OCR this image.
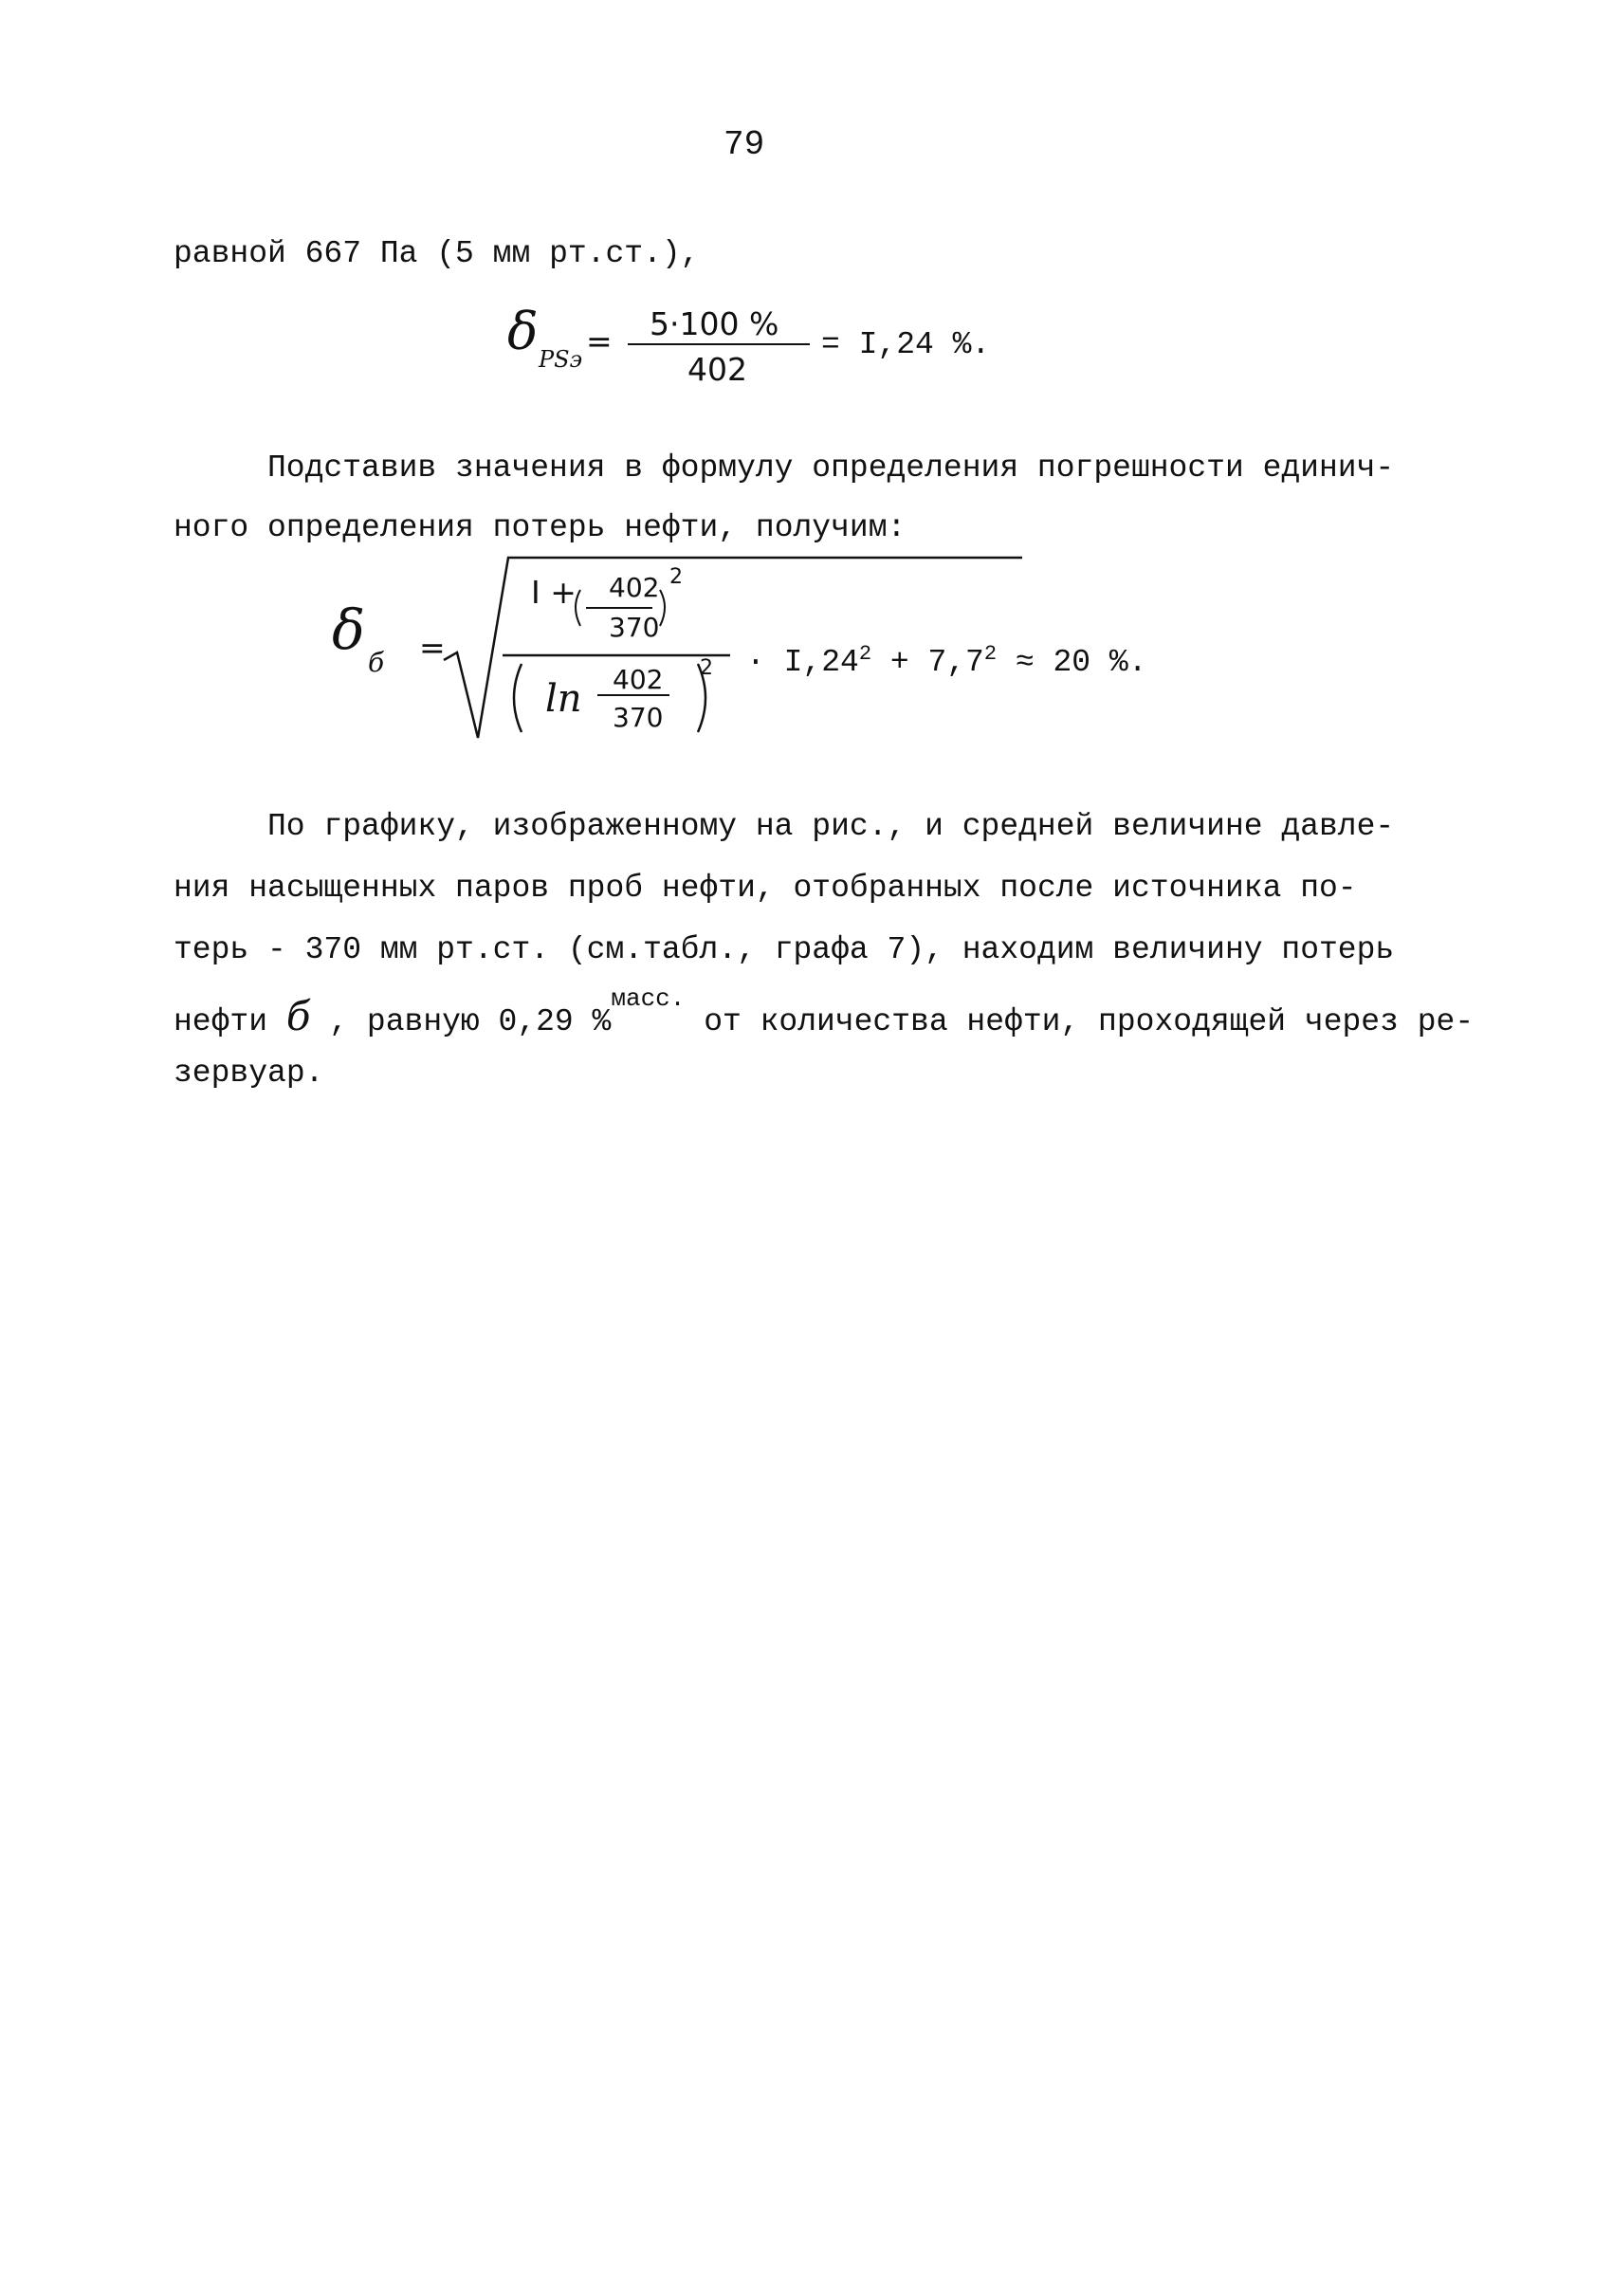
79
равной 667 Па (5 мм рт.ст.),
δ PSэ = 5·100 %
402
= I,24 %.
Подставив значения в формулу определения погрешности единич-
ного определения потерь нефти, получим:
δ
б =
I + 402
370
2
ln 402
370
$2 \cdot I,24^2 + 7,7^2 \approx 20$ %.
По графику, изображенному на рис., и средней величине давле-
ния насыщенных паров проб нефти, отобранных после источника по-
терь - 370 мм рт.ст. (см.табл., графа 7), находим величину потерь
нефти б , равную 0,29 %$^{масс.}$ от количества нефти, проходящей через ре-
зервуар.
